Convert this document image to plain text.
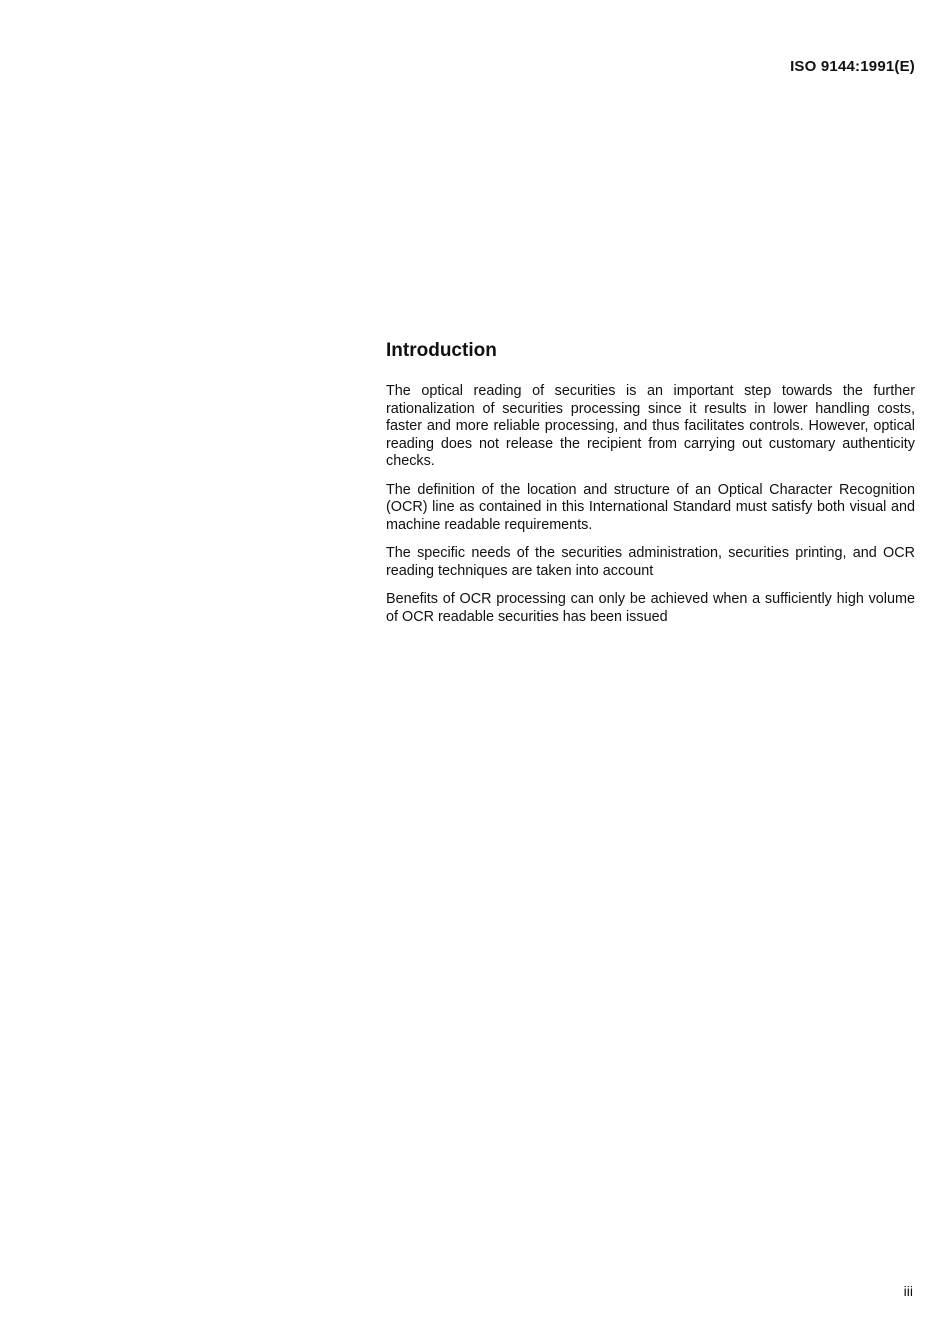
ISO 9144:1991(E)

Introduction

The optical reading of securities is an important step towards the further rationalization of securities processing since it results in lower handling costs, faster and more reliable processing, and thus facilitates controls. However, optical reading does not release the recipient from carrying out customary authenticity checks.

The definition of the location and structure of an Optical Character Recognition (OCR) line as contained in this International Standard must satisfy both visual and machine readable requirements.

The specific needs of the securities administration, securities printing, and OCR reading techniques are taken into account

Benefits of OCR processing can only be achieved when a sufficiently high volume of OCR readable securities has been issued

iii
